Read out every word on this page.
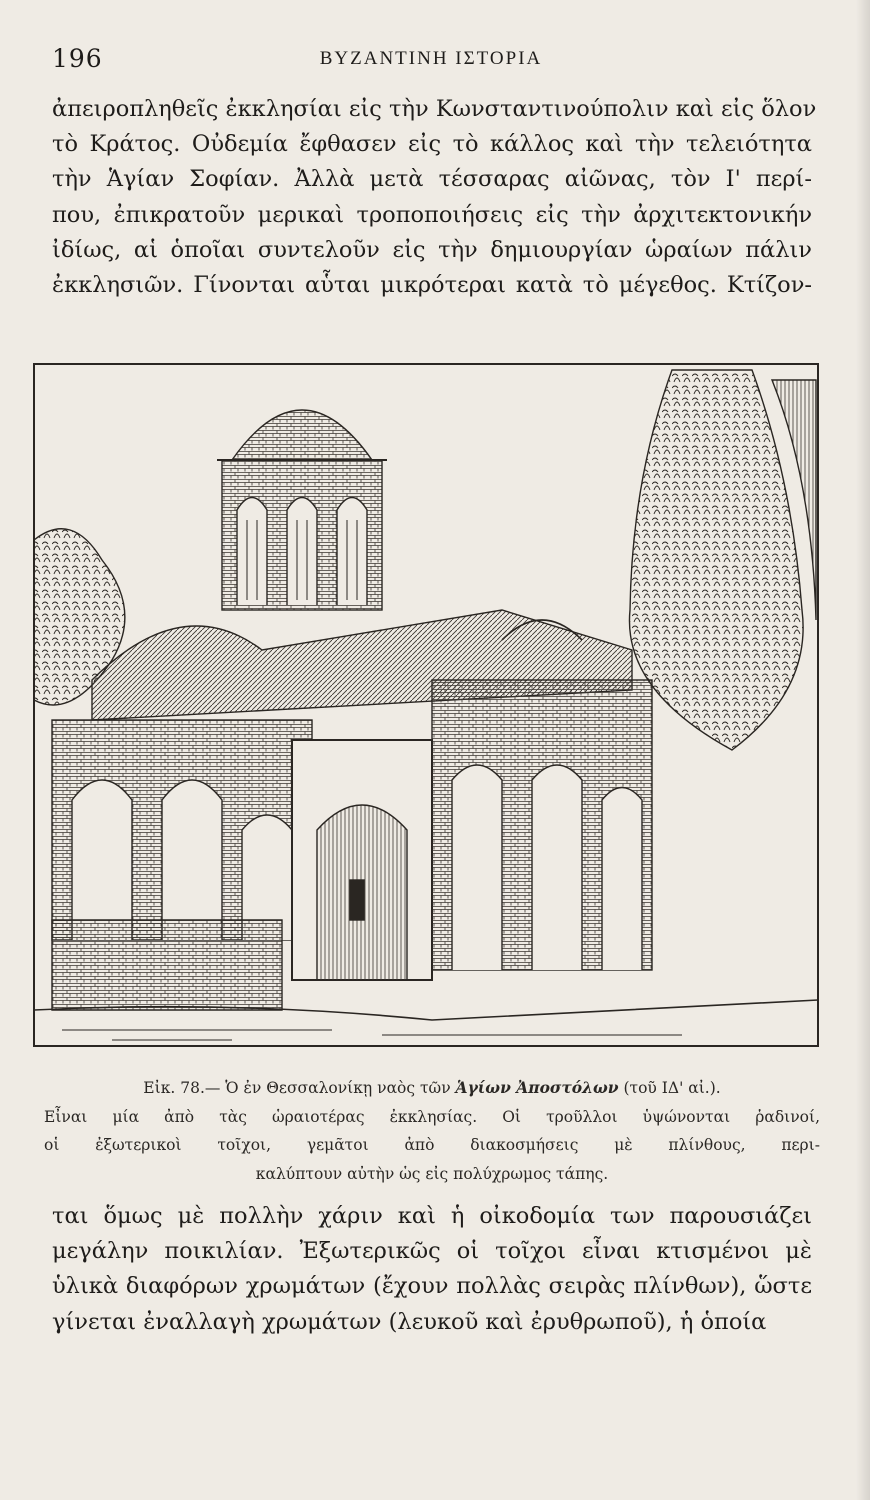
196	ΒΥΖΑΝΤΙΝΗ ΙΣΤΟΡΙΑ
ἀπειροπληθεῖς ἐκκλησίαι εἰς τὴν Κωνσταντινούπολιν καὶ εἰς ὅλον
τὸ Κράτος. Οὐδεμία ἔφθασεν εἰς τὸ κάλλος καὶ τὴν τελειότητα
τὴν Ἁγίαν Σοφίαν. Ἀλλὰ μετὰ τέσσαρας αἰῶνας, τὸν Ι' περί-
που, ἐπικρατοῦν μερικαὶ τροποποιήσεις εἰς τὴν ἀρχιτεκτονικήν
ἰδίως, αἱ ὁποῖαι συντελοῦν εἰς τὴν δημιουργίαν ὡραίων πάλιν
ἐκκλησιῶν. Γίνονται αὗται μικρότεραι κατὰ τὸ μέγεθος. Κτίζον-
Εἰκ. 78.— Ὁ ἐν Θεσσαλονίκῃ ναὸς τῶν Ἁγίων Ἀποστόλων (τοῦ ΙΔ' αἰ.).
Εἶναι μία ἀπὸ τὰς ὡραιοτέρας ἐκκλησίας. Οἱ τροῦλλοι ὑψώνονται ῥαδινοί,
οἱ ἐξωτερικοὶ τοῖχοι, γεμᾶτοι ἀπὸ διακοσμήσεις μὲ πλίνθους, περι-
καλύπτουν αὐτὴν ὡς εἰς πολύχρωμος τάπης.
ται ὅμως μὲ πολλὴν χάριν καὶ ἡ οἰκοδομία των παρουσιάζει
μεγάλην ποικιλίαν. Ἐξωτερικῶς οἱ τοῖχοι εἶναι κτισμένοι μὲ
ὑλικὰ διαφόρων χρωμάτων (ἔχουν πολλὰς σειρὰς πλίνθων), ὥστε
γίνεται ἐναλλαγὴ χρωμάτων (λευκοῦ καὶ ἐρυθρωποῦ), ἡ ὁποία
